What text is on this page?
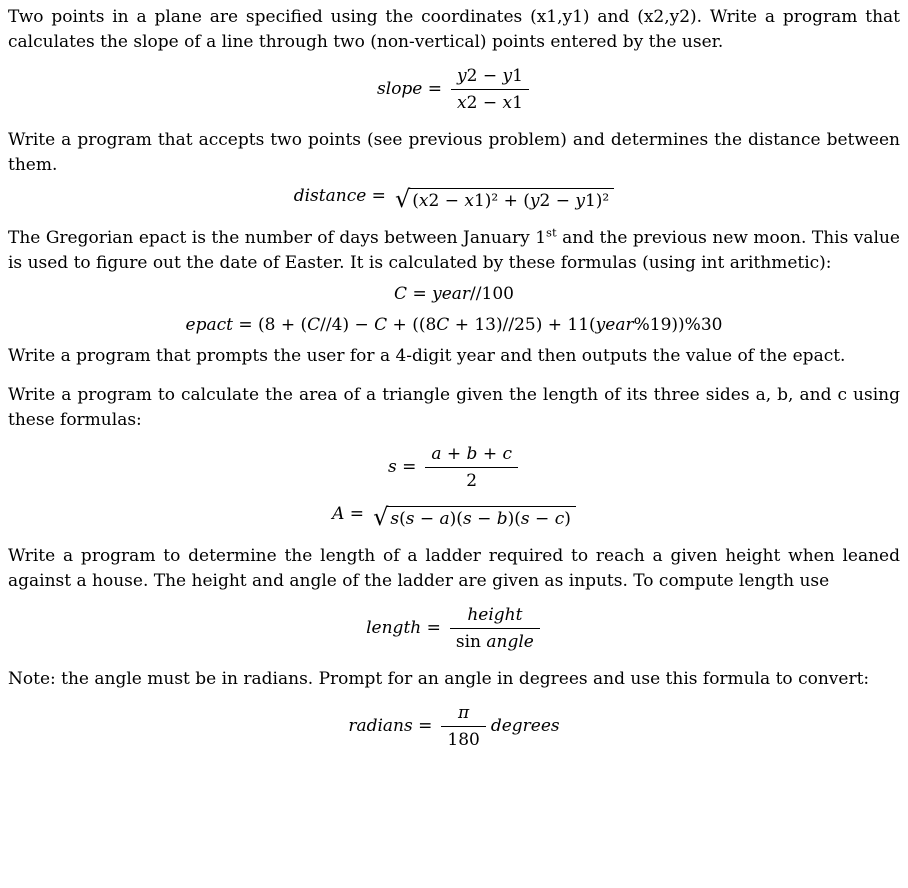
Two points in a plane are specified using the coordinates (x1,y1) and (x2,y2). Write a program that calculates the slope of a line through two (non-vertical) points entered by the user.

slope = $\frac{y2 - y1}{x2 - x1}$

Write a program that accepts two points (see previous problem) and determines the distance between them.

distance = √ (x2 − x1)² + (y2 − y1)²

The Gregorian epact is the number of days between January 1st and the previous new moon. This value is used to figure out the date of Easter. It is calculated by these formulas (using int arithmetic):

C = year//100
epact = (8 + (C//4) − C + ((8C + 13)//25) + 11(year%19))%30

Write a program that prompts the user for a 4-digit year and then outputs the value of the epact.

Write a program to calculate the area of a triangle given the length of its three sides a, b, and c using these formulas:

$s = \frac{a + b + c}{2}$
A = √ s(s − a)(s − b)(s − c)

Write a program to determine the length of a ladder required to reach a given height when leaned against a house. The height and angle of the ladder are given as inputs. To compute length use

length = $\frac{\text{height}}{\text{sin angle}}$

Note: the angle must be in radians. Prompt for an angle in degrees and use this formula to convert:

radians = $\frac{\pi}{180}$ degrees
